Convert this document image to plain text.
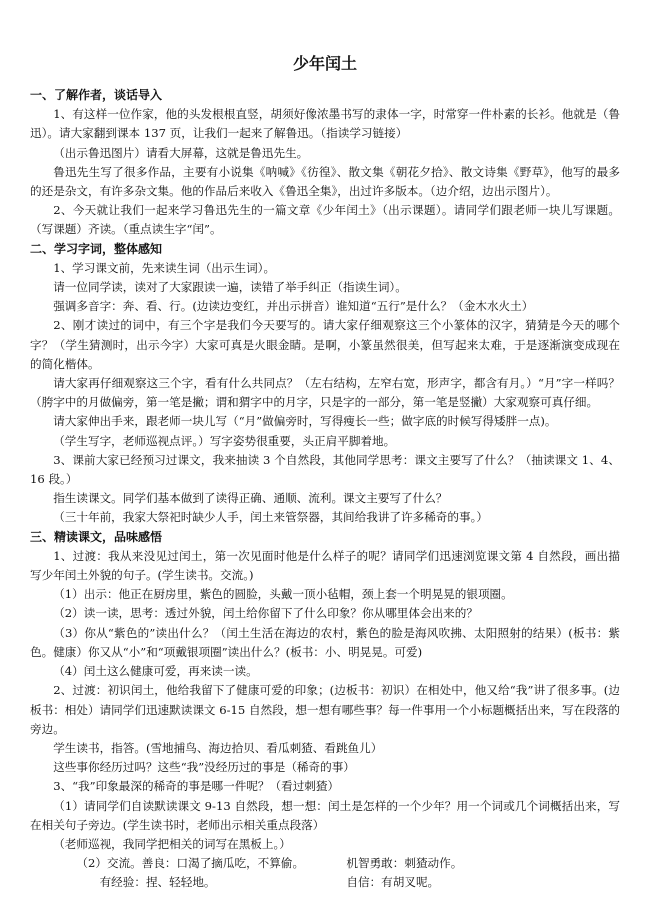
少年闰土
一、了解作者，谈话导入

1、有这样一位作家，他的头发根根直竖，胡须好像浓墨书写的隶体一字，时常穿一件朴素的长衫。他就是（鲁迅）。请大家翻到课本 137 页，让我们一起来了解鲁迅。（指读学习链接）

（出示鲁迅图片）请看大屏幕，这就是鲁迅先生。

鲁迅先生写了很多作品，主要有小说集《呐喊》《彷徨》、散文集《朝花夕拾》、散文诗集《野草》，他写的最多的还是杂文，有许多杂文集。他的作品后来收入《鲁迅全集》，出过许多版本。（边介绍，边出示图片）。

2、今天就让我们一起来学习鲁迅先生的一篇文章《少年闰土》（出示课题）。请同学们跟老师一块儿写课题。（写课题）齐读。（重点读生字“闰”。

二、学习字词，整体感知

1、学习课文前，先来读生词（出示生词）。

请一位同学读，读对了大家跟读一遍，读错了举手纠正（指读生词）。

强调多音字：奔、看、行。(边读边变红，并出示拼音）谁知道“五行”是什么？（金木水火土）

2、刚才读过的词中，有三个字是我们今天要写的。请大家仔细观察这三个小篆体的汉字，猜猜是今天的哪个字？（学生猜测时，出示今字）大家可真是火眼金睛。是啊，小篆虽然很美，但写起来太难，于是逐渐演变成现在的简化楷体。

请大家再仔细观察这三个字，看有什么共同点？（左右结构，左窄右宽，形声字，都含有月。）“月”字一样吗？（胯字中的月做偏旁，第一笔是撇；谓和猬字中的月字，只是字的一部分，第一笔是竖撇）大家观察可真仔细。

请大家伸出手来，跟老师一块儿写（“月”做偏旁时，写得瘦长一些；做字底的时候写得矮胖一点)。

（学生写字，老师巡视点评。）写字姿势很重要，头正肩平脚着地。

3、课前大家已经预习过课文，我来抽读 3 个自然段，其他同学思考：课文主要写了什么？（抽读课文 1、4、16 段。）

指生读课文。同学们基本做到了读得正确、通顺、流利。课文主要写了什么？

（三十年前，我家大祭祀时缺少人手，闰土来管祭器，其间给我讲了许多稀奇的事。）

三、精读课文，品味感悟

1、过渡：我从来没见过闰土，第一次见面时他是什么样子的呢？请同学们迅速浏览课文第 4 自然段，画出描写少年闰土外貌的句子。(学生读书。交流。)

（1）出示：他正在厨房里，紫色的圆脸，头戴一顶小毡帽，颈上套一个明晃晃的银项圈。

（2）读一读，思考：透过外貌，闰土给你留下了什么印象？你从哪里体会出来的？

（3）你从“紫色的”读出什么？（闰土生活在海边的农村，紫色的脸是海风吹拂、太阳照射的结果）(板书：紫色。健康）你又从“小”和“项戴银项圈”读出什么？(板书：小、明晃晃。可爱)

（4）闰土这么健康可爱，再来读一读。

2、过渡：初识闰土，他给我留下了健康可爱的印象；(边板书：初识）在相处中，他又给“我”讲了很多事。(边板书：相处）请同学们迅速默读课文 6-15 自然段，想一想有哪些事？每一件事用一个小标题概括出来，写在段落的旁边。

学生读书，指答。(雪地捕鸟、海边拾贝、看瓜刺猹、看跳鱼儿）

这些事你经历过吗？这些“我”没经历过的事是（稀奇的事）

3、“我”印象最深的稀奇的事是哪一件呢？（看过刺猹）

（1）请同学们自读默读课文 9-13 自然段，想一想：闰土是怎样的一个少年？用一个词或几个词概括出来，写在相关句子旁边。(学生读书时，老师出示相关重点段落）

（老师巡视，我同学把相关的词写在黑板上。）

（2）交流。善良：口渴了摘瓜吃，不算偷。	机智勇敢：刺猹动作。
有经验：捏、轻轻地。	自信：有胡叉呢。
